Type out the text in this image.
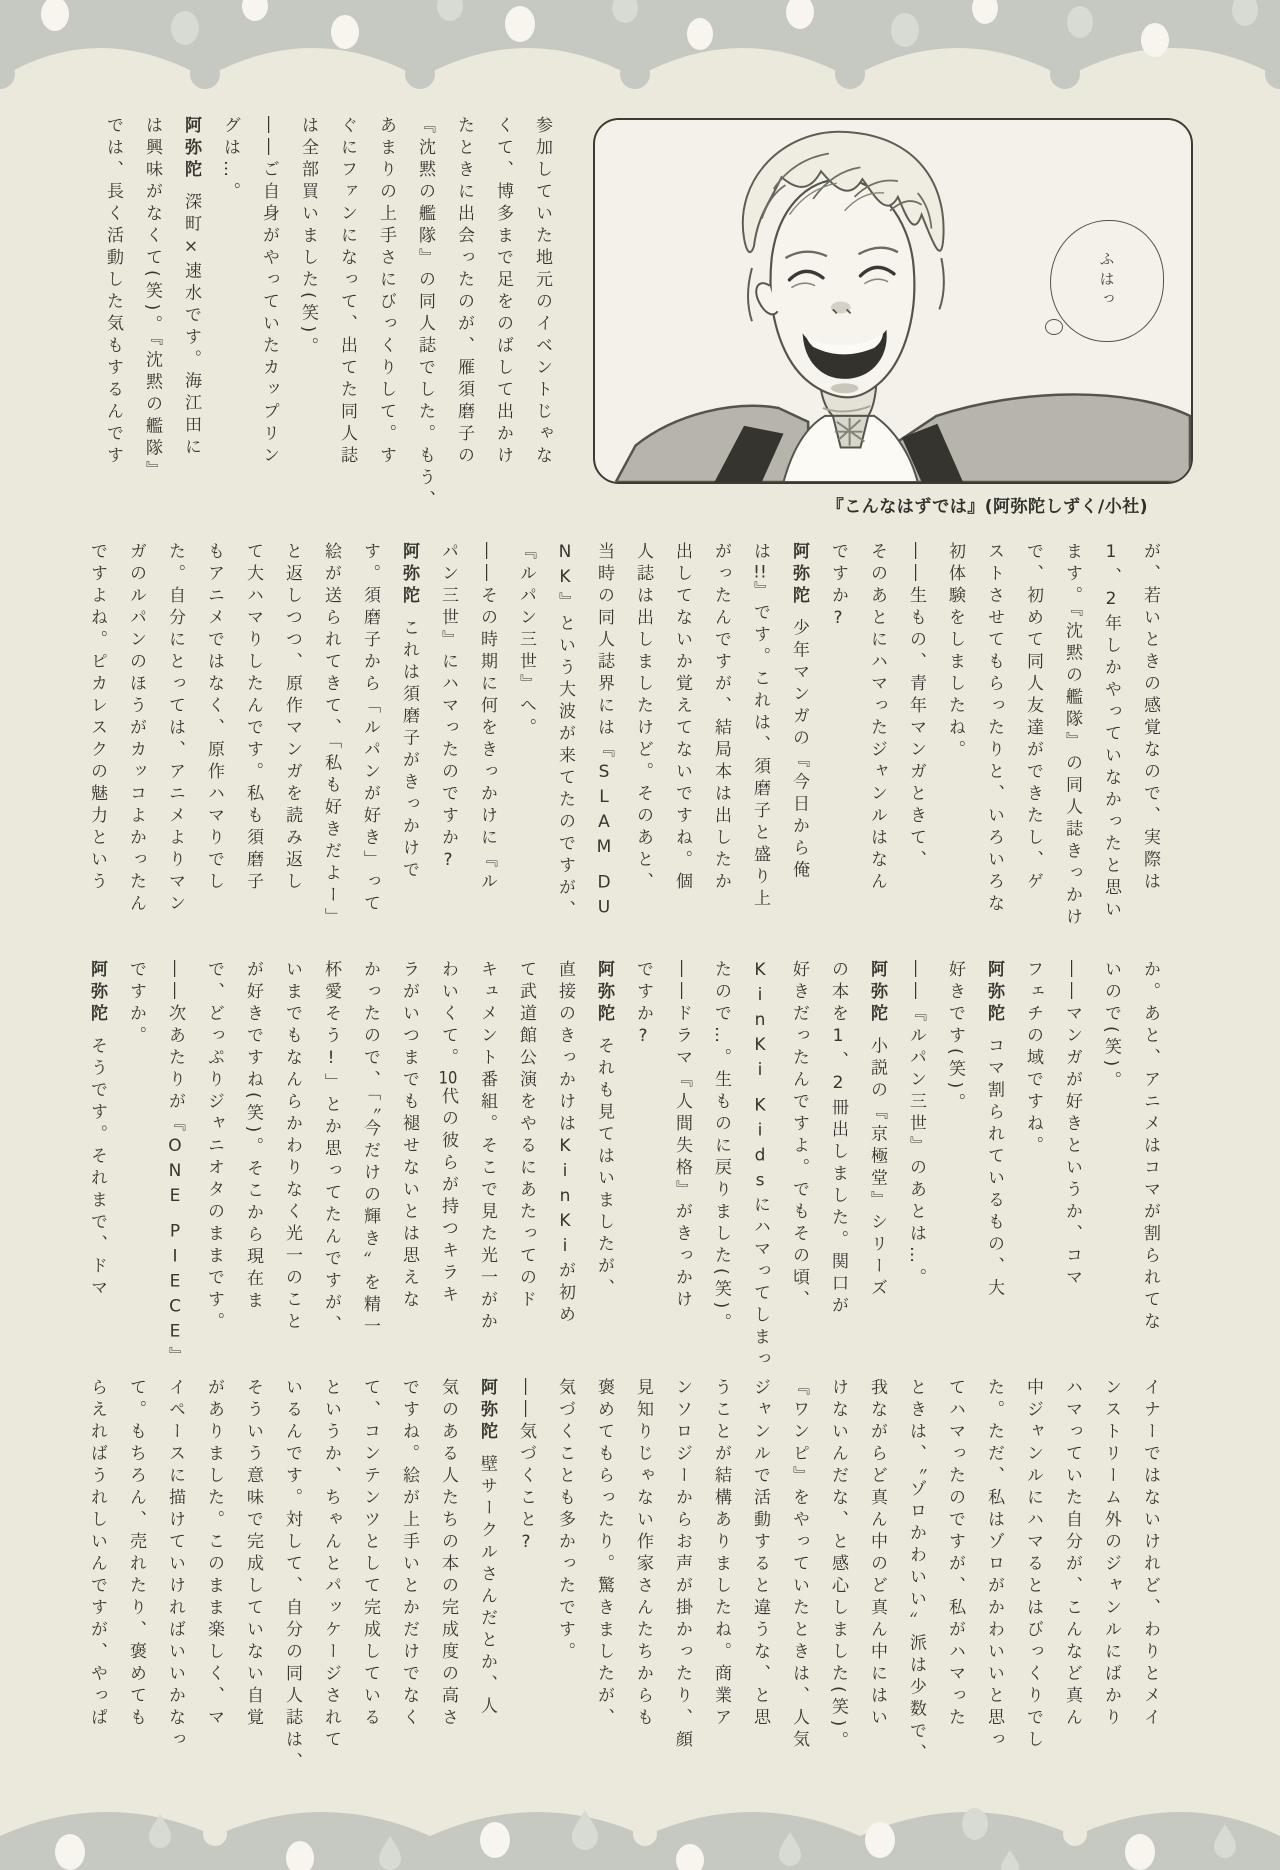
参加していた地元のイベントじゃな
くて、博多まで足をのばして出かけ
たときに出会ったのが、雁須磨子の
『沈黙の艦隊』の同人誌でした。もう、
あまりの上手さにびっくりして。す
ぐにファンになって、出てた同人誌
は全部買いました(笑)。
――ご自身がやっていたカップリン
グは…。
阿弥陀 深町×速水です。海江田に
は興味がなくて(笑)。『沈黙の艦隊』
では、長く活動した気もするんです	ふはっ
『こんなはずでは』(阿弥陀しずく/小社)
が、若いときの感覚なので、実際は
1、2年しかやっていなかったと思い
ます。『沈黙の艦隊』の同人誌きっかけ
で、初めて同人友達ができたし、ゲ
ストさせてもらったりと、いろいろな
初体験をしましたね。
――生もの、青年マンガときて、
そのあとにハマったジャンルはなん
ですか?
阿弥陀 少年マンガの『今日から俺
は!!』です。これは、須磨子と盛り上
がったんですが、結局本は出したか
出してないか覚えてないですね。個
人誌は出しましたけど。そのあと、
当時の同人誌界には『SLAM DU
NK』という大波が来てたのですが、
『ルパン三世』へ。
――その時期に何をきっかけに『ル
パン三世』にハマったのですか?
阿弥陀 これは須磨子がきっかけで
す。須磨子から「ルパンが好き」って
絵が送られてきて、「私も好きだよー」
と返しつつ、原作マンガを読み返し
て大ハマりしたんです。私も須磨子
もアニメではなく、原作ハマりでし
た。自分にとっては、アニメよりマン
ガのルパンのほうがカッコよかったん
ですよね。ピカレスクの魅力という
か。あと、アニメはコマが割られてな
いので(笑)。
――マンガが好きというか、コマ
フェチの域ですね。
阿弥陀 コマ割られているもの、大
好きです(笑)。
――『ルパン三世』のあとは…。
阿弥陀 小説の『京極堂』シリーズ
の本を1、2冊出しました。関口が
好きだったんですよ。でもその頃、
KinKi Kidsにハマってしまっ
たので…。生ものに戻りました(笑)。
――ドラマ『人間失格』がきっかけ
ですか?
阿弥陀 それも見てはいましたが、
直接のきっかけはKinKiが初め
て武道館公演をやるにあたってのド
キュメント番組。そこで見た光一がか
わいくて。10代の彼らが持つキラキ
ラがいつまでも褪せないとは思えな
かったので、「〝今だけの輝き〟を精一
杯愛そう!」とか思ってたんですが、
いまでもなんらかわりなく光一のこと
が好きですね(笑)。そこから現在ま
で、どっぷりジャニオタのままです。
――次あたりが『ONE PIECE』
ですか。
阿弥陀 そうです。それまで、ドマ
イナーではないけれど、わりとメイ
ンストリーム外のジャンルにばかり
ハマっていた自分が、こんなど真ん
中ジャンルにハマるとはびっくりでし
た。ただ、私はゾロがかわいいと思っ
てハマったのですが、私がハマった
ときは、〝ゾロかわいい〟派は少数で、
我ながらど真ん中のど真ん中にはい
けないんだな、と感心しました(笑)。
『ワンピ』をやっていたときは、人気
ジャンルで活動すると違うな、と思
うことが結構ありましたね。商業ア
ンソロジーからお声が掛かったり、顔
見知りじゃない作家さんたちからも
褒めてもらったり。驚きましたが、
気づくことも多かったです。
――気づくこと?
阿弥陀 壁サークルさんだとか、人
気のある人たちの本の完成度の高さ
ですね。絵が上手いとかだけでなく
て、コンテンツとして完成している
というか、ちゃんとパッケージされて
いるんです。対して、自分の同人誌は、
そういう意味で完成していない自覚
がありました。このまま楽しく、マ
イペースに描けていければいいかなっ
て。もちろん、売れたり、褒めても
らえればうれしいんですが、やっぱ
